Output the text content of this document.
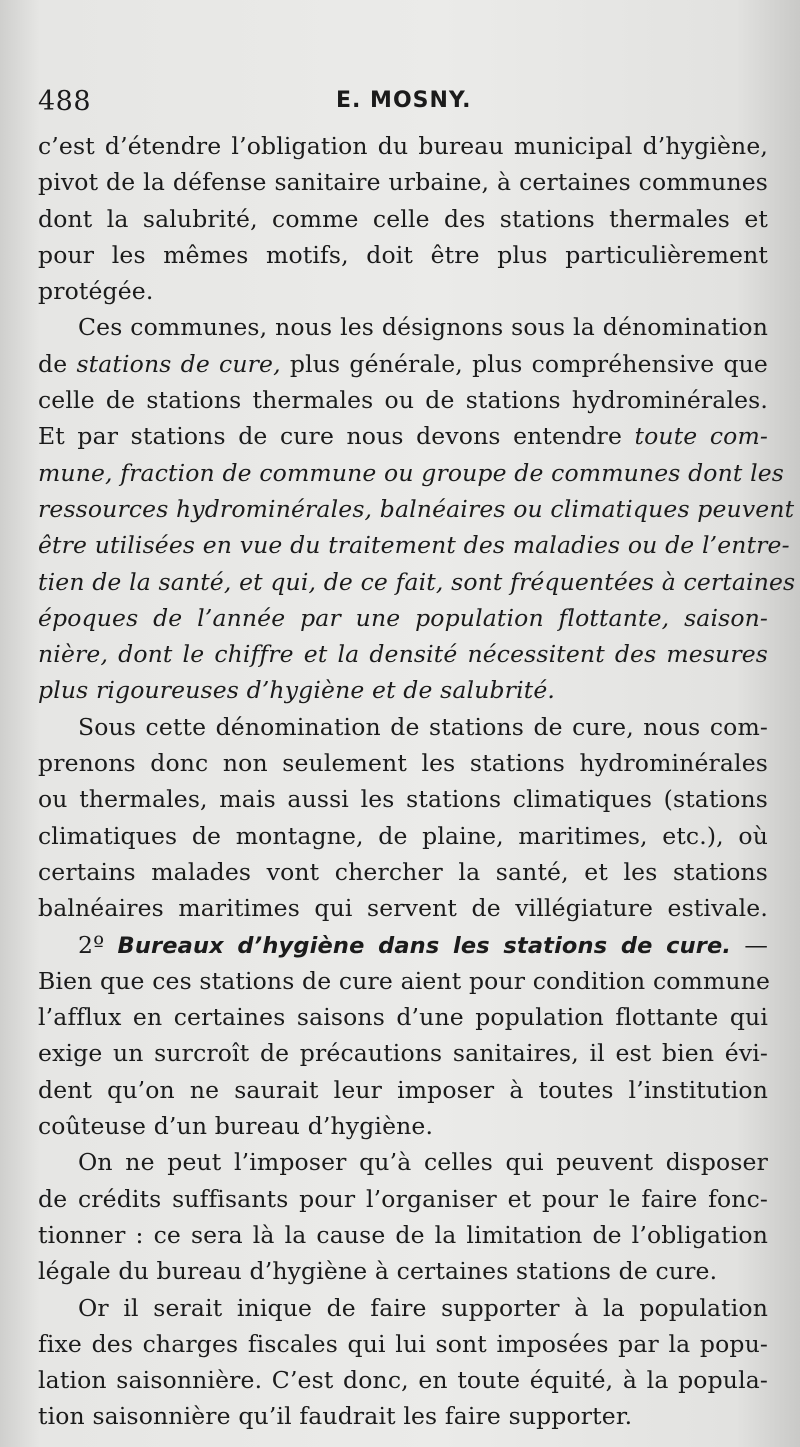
488	E. MOSNY.
c’est d’étendre l’obligation du bureau municipal d’hygiène,
pivot de la défense sanitaire urbaine, à certaines communes
dont la salubrité, comme celle des stations thermales et
pour les mêmes motifs, doit être plus particulièrement
protégée.
Ces communes, nous les désignons sous la dénomination
de stations de cure, plus générale, plus compréhensive que
celle de stations thermales ou de stations hydrominérales.
Et par stations de cure nous devons entendre toute com-
mune, fraction de commune ou groupe de communes dont les
ressources hydrominérales, balnéaires ou climatiques peuvent
être utilisées en vue du traitement des maladies ou de l’entre-
tien de la santé, et qui, de ce fait, sont fréquentées à certaines
époques de l’année par une population flottante, saison-
nière, dont le chiffre et la densité nécessitent des mesures
plus rigoureuses d’hygiène et de salubrité.
Sous cette dénomination de stations de cure, nous com-
prenons donc non seulement les stations hydrominérales
ou thermales, mais aussi les stations climatiques (stations
climatiques de montagne, de plaine, maritimes, etc.), où
certains malades vont chercher la santé, et les stations
balnéaires maritimes qui servent de villégiature estivale.
2º Bureaux d’hygiène dans les stations de cure. —
Bien que ces stations de cure aient pour condition commune
l’afflux en certaines saisons d’une population flottante qui
exige un surcroît de précautions sanitaires, il est bien évi-
dent qu’on ne saurait leur imposer à toutes l’institution
coûteuse d’un bureau d’hygiène.
On ne peut l’imposer qu’à celles qui peuvent disposer
de crédits suffisants pour l’organiser et pour le faire fonc-
tionner : ce sera là la cause de la limitation de l’obligation
légale du bureau d’hygiène à certaines stations de cure.
Or il serait inique de faire supporter à la population
fixe des charges fiscales qui lui sont imposées par la popu-
lation saisonnière. C’est donc, en toute équité, à la popula-
tion saisonnière qu’il faudrait les faire supporter.
